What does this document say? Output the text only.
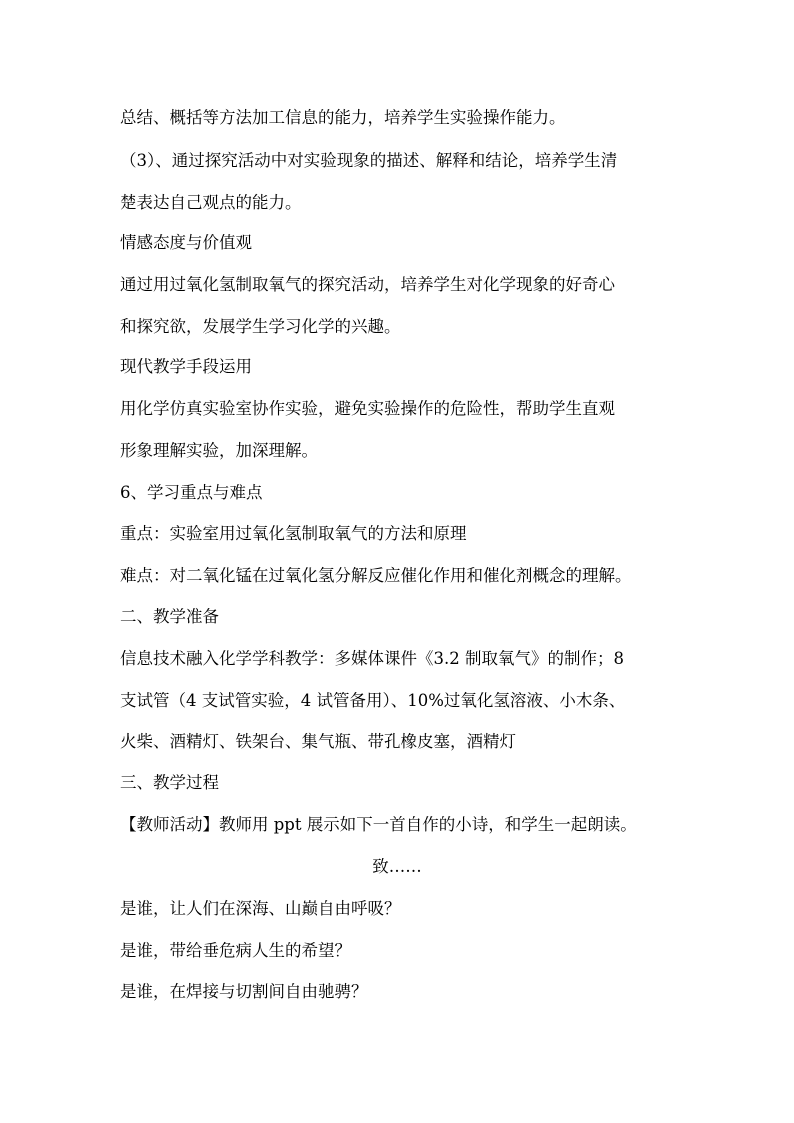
总结、概括等方法加工信息的能力，培养学生实验操作能力。
（3）、通过探究活动中对实验现象的描述、解释和结论，培养学生清
楚表达自己观点的能力。
情感态度与价值观
通过用过氧化氢制取氧气的探究活动，培养学生对化学现象的好奇心
和探究欲，发展学生学习化学的兴趣。
现代教学手段运用
用化学仿真实验室协作实验，避免实验操作的危险性，帮助学生直观
形象理解实验，加深理解。
6、学习重点与难点
重点：实验室用过氧化氢制取氧气的方法和原理
难点：对二氧化锰在过氧化氢分解反应催化作用和催化剂概念的理解。
二、教学准备
信息技术融入化学学科教学：多媒体课件《3.2 制取氧气》的制作；8
支试管（4 支试管实验，4 试管备用）、10%过氧化氢溶液、小木条、
火柴、酒精灯、铁架台、集气瓶、带孔橡皮塞，酒精灯
三、教学过程
【教师活动】教师用 ppt 展示如下一首自作的小诗，和学生一起朗读。
致……
是谁，让人们在深海、山巅自由呼吸？
是谁，带给垂危病人生的希望？
是谁，在焊接与切割间自由驰骋？
